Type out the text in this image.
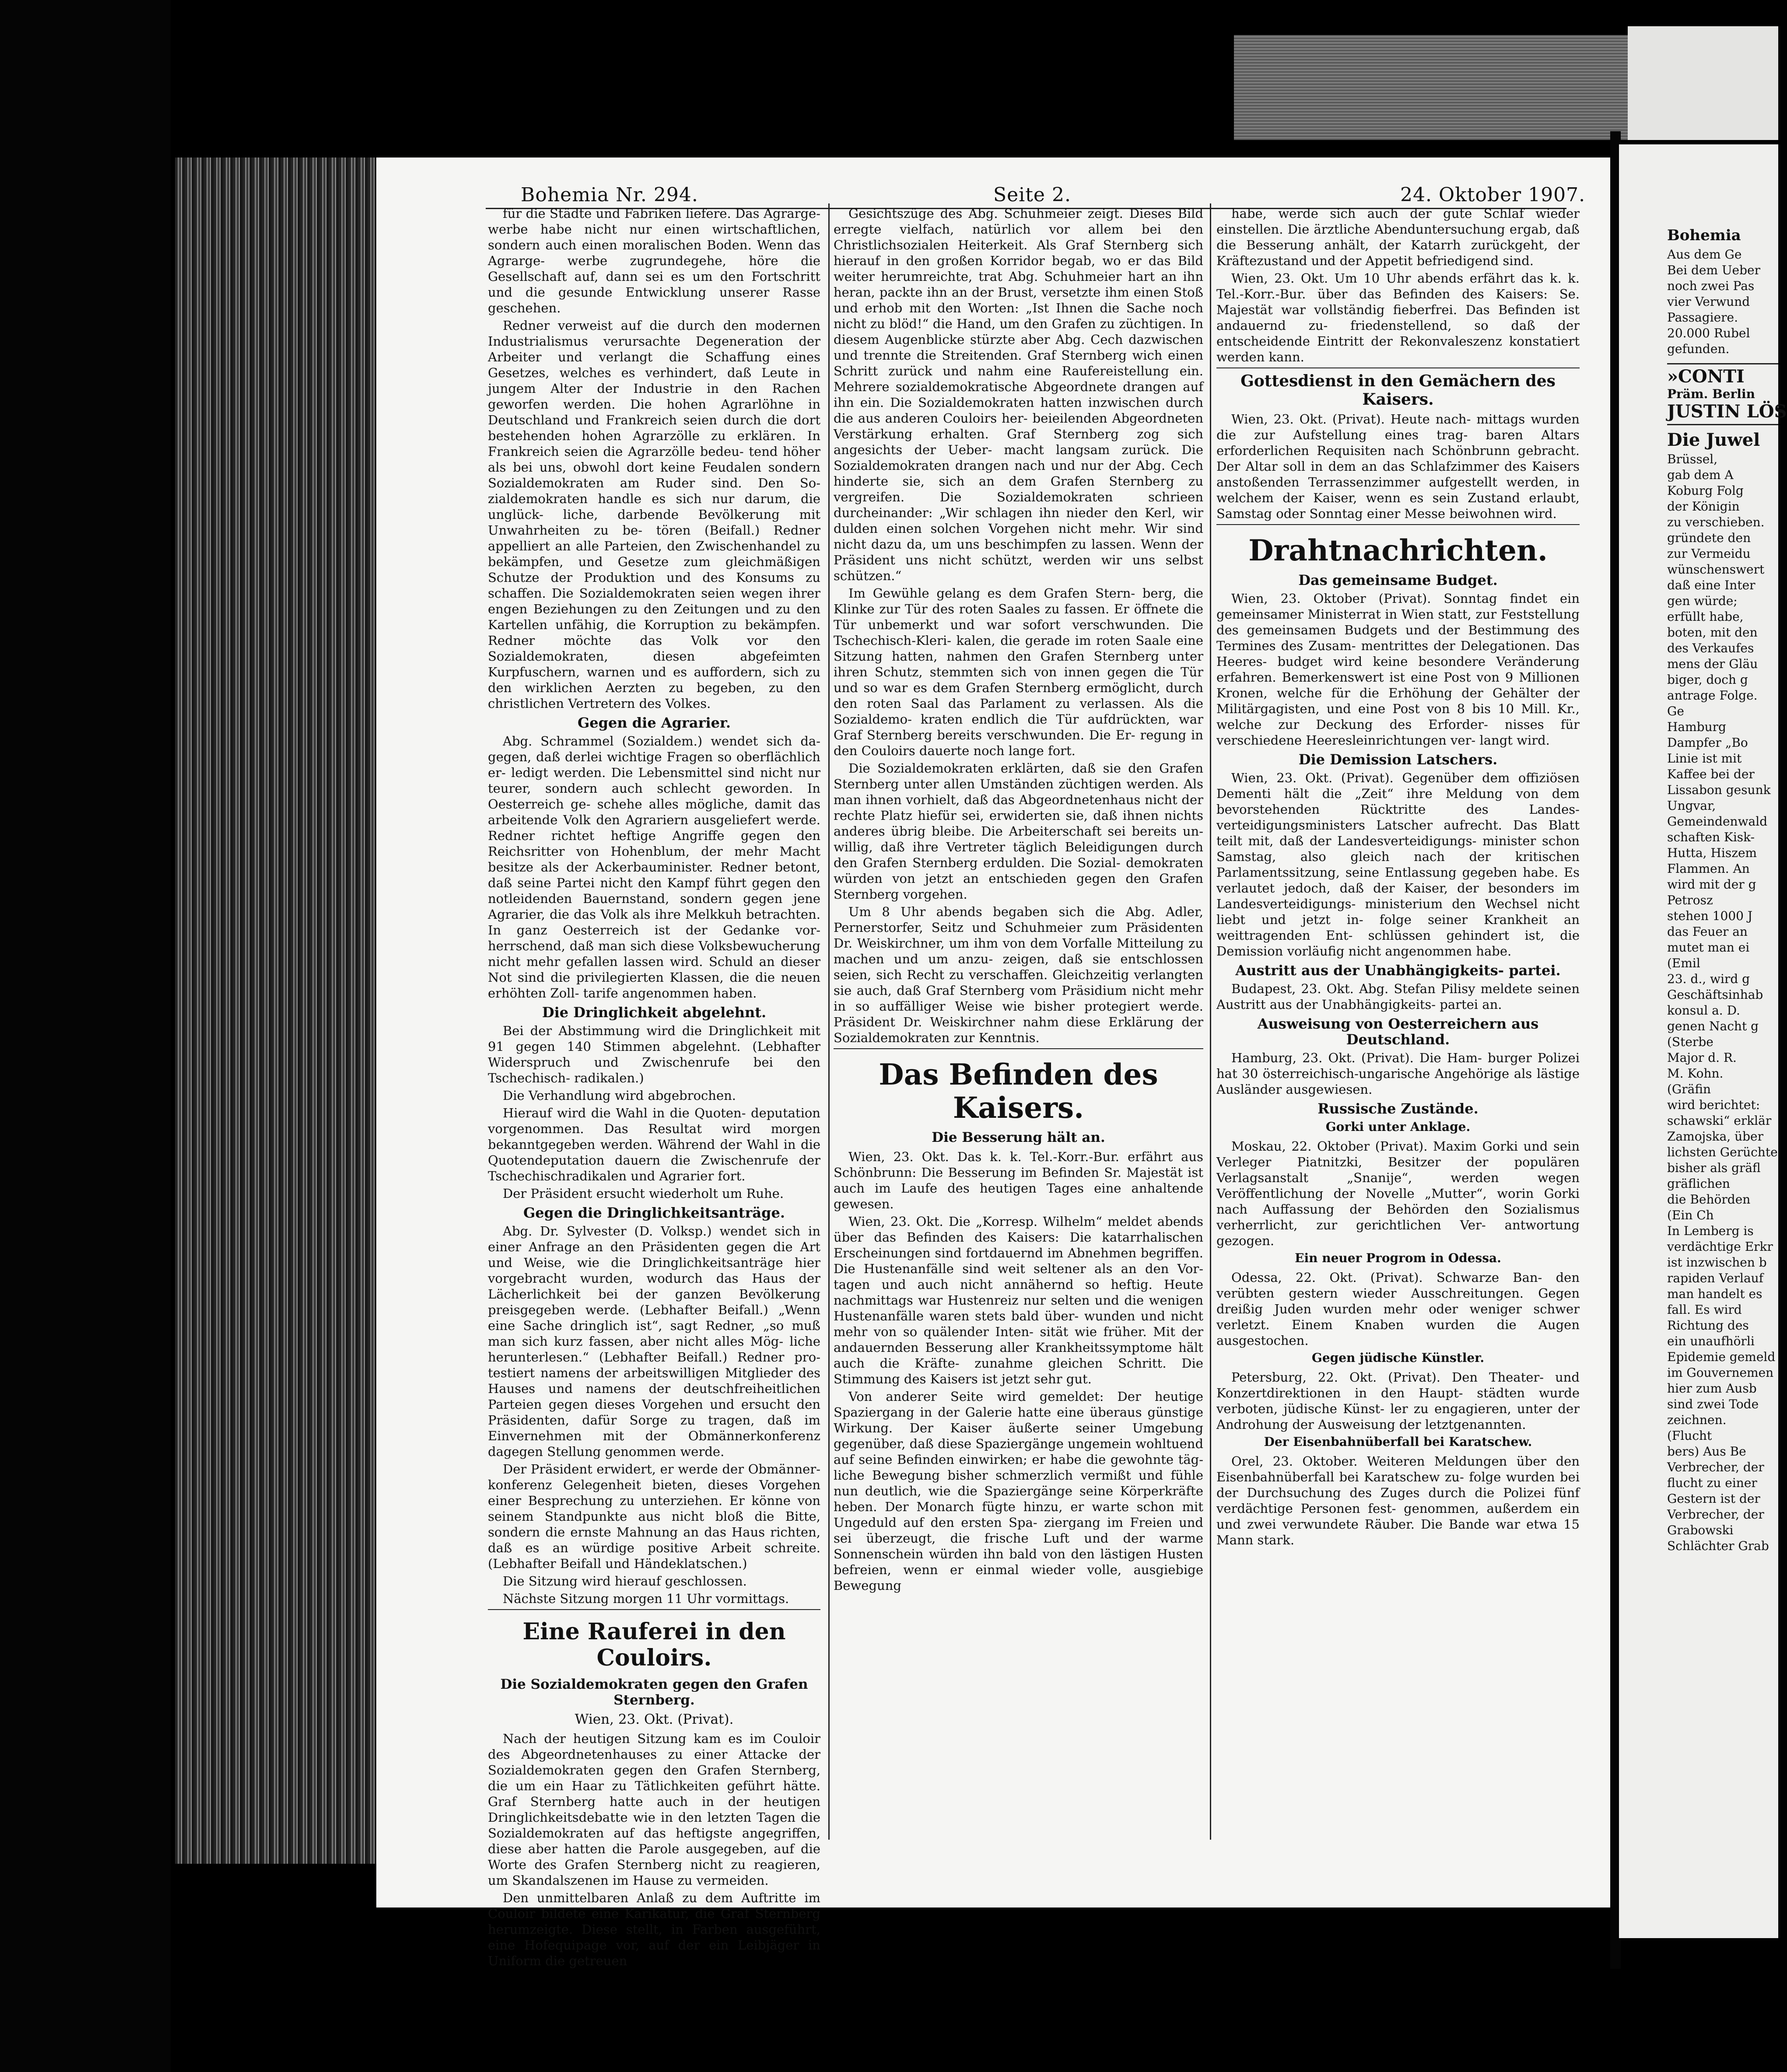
Bohemia Nr. 294.	Seite 2.	24. Oktober 1907.

für die Städte und Fabriken liefere. Das Agrarge- werbe habe nicht nur einen wirtschaftlichen, sondern auch einen moralischen Boden. Wenn das Agrarge- werbe zugrundegehe, höre die Gesellschaft auf, dann sei es um den Fortschritt und die gesunde Entwicklung unserer Rasse geschehen.

Redner verweist auf die durch den modernen Industrialismus verursachte Degeneration der Arbeiter und verlangt die Schaffung eines Gesetzes, welches es verhindert, daß Leute in jungem Alter der Industrie in den Rachen geworfen werden. Die hohen Agrarlöhne in Deutschland und Frankreich seien durch die dort bestehenden hohen Agrarzölle zu erklären. In Frankreich seien die Agrarzölle bedeu- tend höher als bei uns, obwohl dort keine Feudalen sondern Sozialdemokraten am Ruder sind. Den So- zialdemokraten handle es sich nur darum, die unglück- liche, darbende Bevölkerung mit Unwahrheiten zu be- tören (Beifall.) Redner appelliert an alle Parteien, den Zwischenhandel zu bekämpfen, und Gesetze zum gleichmäßigen Schutze der Produktion und des Konsums zu schaffen. Die Sozialdemokraten seien wegen ihrer engen Beziehungen zu den Zeitungen und zu den Kartellen unfähig, die Korruption zu bekämpfen. Redner möchte das Volk vor den Sozialdemokraten, diesen abgefeimten Kurpfuschern, warnen und es auffordern, sich zu den wirklichen Aerzten zu begeben, zu den christlichen Vertretern des Volkes.

Gegen die Agrarier.

Abg. Schrammel (Sozialdem.) wendet sich da- gegen, daß derlei wichtige Fragen so oberflächlich er- ledigt werden. Die Lebensmittel sind nicht nur teurer, sondern auch schlecht geworden. In Oesterreich ge- schehe alles mögliche, damit das arbeitende Volk den Agrariern ausgeliefert werde. Redner richtet heftige Angriffe gegen den Reichsritter von Hohenblum, der mehr Macht besitze als der Ackerbauminister. Redner betont, daß seine Partei nicht den Kampf führt gegen den notleidenden Bauernstand, sondern gegen jene Agrarier, die das Volk als ihre Melkkuh betrachten. In ganz Oesterreich ist der Gedanke vor- herrschend, daß man sich diese Volksbewucherung nicht mehr gefallen lassen wird. Schuld an dieser Not sind die privilegierten Klassen, die die neuen erhöhten Zoll- tarife angenommen haben.

Die Dringlichkeit abgelehnt.

Bei der Abstimmung wird die Dringlichkeit mit 91 gegen 140 Stimmen abgelehnt. (Lebhafter Widerspruch und Zwischenrufe bei den Tschechisch- radikalen.)

Die Verhandlung wird abgebrochen.

Hierauf wird die Wahl in die Quoten- deputation vorgenommen. Das Resultat wird morgen bekanntgegeben werden. Während der Wahl in die Quotendeputation dauern die Zwischenrufe der Tschechischradikalen und Agrarier fort.

Der Präsident ersucht wiederholt um Ruhe.

Gegen die Dringlichkeitsanträge.

Abg. Dr. Sylvester (D. Volksp.) wendet sich in einer Anfrage an den Präsidenten gegen die Art und Weise, wie die Dringlichkeitsanträge hier vorgebracht wurden, wodurch das Haus der Lächerlichkeit bei der ganzen Bevölkerung preisgegeben werde. (Lebhafter Beifall.) „Wenn eine Sache dringlich ist“, sagt Redner, „so muß man sich kurz fassen, aber nicht alles Mög- liche herunterlesen.“ (Lebhafter Beifall.) Redner pro- testiert namens der arbeitswilligen Mitglieder des Hauses und namens der deutschfreiheitlichen Parteien gegen dieses Vorgehen und ersucht den Präsidenten, dafür Sorge zu tragen, daß im Einvernehmen mit der Obmännerkonferenz dagegen Stellung genommen werde.

Der Präsident erwidert, er werde der Obmänner- konferenz Gelegenheit bieten, dieses Vorgehen einer Besprechung zu unterziehen. Er könne von seinem Standpunkte aus nicht bloß die Bitte, sondern die ernste Mahnung an das Haus richten, daß es an würdige positive Arbeit schreite. (Lebhafter Beifall und Händeklatschen.)

Die Sitzung wird hierauf geschlossen.

Nächste Sitzung morgen 11 Uhr vormittags.

Eine Rauferei in den Couloirs.
Die Sozialdemokraten gegen den Grafen Sternberg.
Wien, 23. Okt. (Privat).

Nach der heutigen Sitzung kam es im Couloir des Abgeordnetenhauses zu einer Attacke der Sozialdemokraten gegen den Grafen Sternberg, die um ein Haar zu Tätlichkeiten geführt hätte. Graf Sternberg hatte auch in der heutigen Dringlichkeitsdebatte wie in den letzten Tagen die Sozialdemokraten auf das heftigste angegriffen, diese aber hatten die Parole ausgegeben, auf die Worte des Grafen Sternberg nicht zu reagieren, um Skandalszenen im Hause zu vermeiden.

Den unmittelbaren Anlaß zu dem Auftritte im Couloir bildete eine Karikatur, die Graf Sternberg herumzeigte. Diese stellt, in Farben ausgeführt, eine Hofequipage vor, auf der ein Leibjäger in Uniform die getreuen

Gesichtszüge des Abg. Schuhmeier zeigt. Dieses Bild erregte vielfach, natürlich vor allem bei den Christlichsozialen Heiterkeit. Als Graf Sternberg sich hierauf in den großen Korridor begab, wo er das Bild weiter herumreichte, trat Abg. Schuhmeier hart an ihn heran, packte ihn an der Brust, versetzte ihm einen Stoß und erhob mit den Worten: „Ist Ihnen die Sache noch nicht zu blöd!“ die Hand, um den Grafen zu züchtigen. In diesem Augenblicke stürzte aber Abg. Cech dazwischen und trennte die Streitenden. Graf Sternberg wich einen Schritt zurück und nahm eine Raufereistellung ein. Mehrere sozialdemokratische Abgeordnete drangen auf ihn ein. Die Sozialdemokraten hatten inzwischen durch die aus anderen Couloirs her- beieilenden Abgeordneten Verstärkung erhalten. Graf Sternberg zog sich angesichts der Ueber- macht langsam zurück. Die Sozialdemokraten drangen nach und nur der Abg. Cech hinderte sie, sich an dem Grafen Sternberg zu vergreifen. Die Sozialdemokraten schrieen durcheinander: „Wir schlagen ihn nieder den Kerl, wir dulden einen solchen Vorgehen nicht mehr. Wir sind nicht dazu da, um uns beschimpfen zu lassen. Wenn der Präsident uns nicht schützt, werden wir uns selbst schützen.“

Im Gewühle gelang es dem Grafen Stern- berg, die Klinke zur Tür des roten Saales zu fassen. Er öffnete die Tür unbemerkt und war sofort verschwunden. Die Tschechisch-Kleri- kalen, die gerade im roten Saale eine Sitzung hatten, nahmen den Grafen Sternberg unter ihren Schutz, stemmten sich von innen gegen die Tür und so war es dem Grafen Sternberg ermöglicht, durch den roten Saal das Parlament zu verlassen. Als die Sozialdemo- kraten endlich die Tür aufdrückten, war Graf Sternberg bereits verschwunden. Die Er- regung in den Couloirs dauerte noch lange fort.

Die Sozialdemokraten erklärten, daß sie den Grafen Sternberg unter allen Umständen züchtigen werden. Als man ihnen vorhielt, daß das Abgeordnetenhaus nicht der rechte Platz hiefür sei, erwiderten sie, daß ihnen nichts anderes übrig bleibe. Die Arbeiterschaft sei bereits un- willig, daß ihre Vertreter täglich Beleidigungen durch den Grafen Sternberg erdulden. Die Sozial- demokraten würden von jetzt an entschieden gegen den Grafen Sternberg vorgehen.

Um 8 Uhr abends begaben sich die Abg. Adler, Pernerstorfer, Seitz und Schuhmeier zum Präsidenten Dr. Weiskirchner, um ihm von dem Vorfalle Mitteilung zu machen und um anzu- zeigen, daß sie entschlossen seien, sich Recht zu verschaffen. Gleichzeitig verlangten sie auch, daß Graf Sternberg vom Präsidium nicht mehr in so auffälliger Weise wie bisher protegiert werde. Präsident Dr. Weiskirchner nahm diese Erklärung der Sozialdemokraten zur Kenntnis.

Das Befinden des Kaisers.
Die Besserung hält an.

Wien, 23. Okt. Das k. k. Tel.-Korr.-Bur. erfährt aus Schönbrunn: Die Besserung im Befinden Sr. Majestät ist auch im Laufe des heutigen Tages eine anhaltende gewesen.

Wien, 23. Okt. Die „Korresp. Wilhelm“ meldet abends über das Befinden des Kaisers: Die katarrhalischen Erscheinungen sind fortdauernd im Abnehmen begriffen. Die Hustenanfälle sind weit seltener als an den Vor- tagen und auch nicht annähernd so heftig. Heute nachmittags war Hustenreiz nur selten und die wenigen Hustenanfälle waren stets bald über- wunden und nicht mehr von so quälender Inten- sität wie früher. Mit der andauernden Besserung aller Krankheitssymptome hält auch die Kräfte- zunahme gleichen Schritt. Die Stimmung des Kaisers ist jetzt sehr gut.

Von anderer Seite wird gemeldet: Der heutige Spaziergang in der Galerie hatte eine überaus günstige Wirkung. Der Kaiser äußerte seiner Umgebung gegenüber, daß diese Spaziergänge ungemein wohltuend auf seine Befinden einwirken; er habe die gewohnte täg- liche Bewegung bisher schmerzlich vermißt und fühle nun deutlich, wie die Spaziergänge seine Körperkräfte heben. Der Monarch fügte hinzu, er warte schon mit Ungeduld auf den ersten Spa- ziergang im Freien und sei überzeugt, die frische Luft und der warme Sonnenschein würden ihn bald von den lästigen Husten befreien, wenn er einmal wieder volle, ausgiebige Bewegung

habe, werde sich auch der gute Schlaf wieder einstellen. Die ärztliche Abenduntersuchung ergab, daß die Besserung anhält, der Katarrh zurückgeht, der Kräftezustand und der Appetit befriedigend sind.

Wien, 23. Okt. Um 10 Uhr abends erfährt das k. k. Tel.-Korr.-Bur. über das Befinden des Kaisers: Se. Majestät war vollständig fieberfrei. Das Befinden ist andauernd zu- friedenstellend, so daß der entscheidende Eintritt der Rekonvaleszenz konstatiert werden kann.

Gottesdienst in den Gemächern des Kaisers.

Wien, 23. Okt. (Privat). Heute nach- mittags wurden die zur Aufstellung eines trag- baren Altars erforderlichen Requisiten nach Schönbrunn gebracht. Der Altar soll in dem an das Schlafzimmer des Kaisers anstoßenden Terrassenzimmer aufgestellt werden, in welchem der Kaiser, wenn es sein Zustand erlaubt, Samstag oder Sonntag einer Messe beiwohnen wird.

Drahtnachrichten.
Das gemeinsame Budget.

Wien, 23. Oktober (Privat). Sonntag findet ein gemeinsamer Ministerrat in Wien statt, zur Feststellung des gemeinsamen Budgets und der Bestimmung des Termines des Zusam- mentrittes der Delegationen. Das Heeres- budget wird keine besondere Veränderung erfahren. Bemerkenswert ist eine Post von 9 Millionen Kronen, welche für die Erhöhung der Gehälter der Militärgagisten, und eine Post von 8 bis 10 Mill. Kr., welche zur Deckung des Erforder- nisses für verschiedene Heeresleinrichtungen ver- langt wird.

Die Demission Latschers.

Wien, 23. Okt. (Privat). Gegenüber dem offiziösen Dementi hält die „Zeit“ ihre Meldung von dem bevorstehenden Rücktritte des Landes- verteidigungsministers Latscher aufrecht. Das Blatt teilt mit, daß der Landesverteidigungs- minister schon Samstag, also gleich nach der kritischen Parlamentssitzung, seine Entlassung gegeben habe. Es verlautet jedoch, daß der Kaiser, der besonders im Landesverteidigungs- ministerium den Wechsel nicht liebt und jetzt in- folge seiner Krankheit an weittragenden Ent- schlüssen gehindert ist, die Demission vorläufig nicht angenommen habe.

Austritt aus der Unabhängigkeits- partei.

Budapest, 23. Okt. Abg. Stefan Pilisy meldete seinen Austritt aus der Unabhängigkeits- partei an.

Ausweisung von Oesterreichern aus Deutschland.

Hamburg, 23. Okt. (Privat). Die Ham- burger Polizei hat 30 österreichisch-ungarische Angehörige als lästige Ausländer ausgewiesen.

Russische Zustände.
Gorki unter Anklage.

Moskau, 22. Oktober (Privat). Maxim Gorki und sein Verleger Piatnitzki, Besitzer der populären Verlagsanstalt „Snanije“, werden wegen Veröffentlichung der Novelle „Mutter“, worin Gorki nach Auffassung der Behörden den Sozialismus verherrlicht, zur gerichtlichen Ver- antwortung gezogen.

Ein neuer Progrom in Odessa.

Odessa, 22. Okt. (Privat). Schwarze Ban- den verübten gestern wieder Ausschreitungen. Gegen dreißig Juden wurden mehr oder weniger schwer verletzt. Einem Knaben wurden die Augen ausgestochen.

Gegen jüdische Künstler.

Petersburg, 22. Okt. (Privat). Den Theater- und Konzertdirektionen in den Haupt- städten wurde verboten, jüdische Künst- ler zu engagieren, unter der Androhung der Ausweisung der letztgenannten.

Der Eisenbahnüberfall bei Karatschew.

Orel, 23. Oktober. Weiteren Meldungen über den Eisenbahnüberfall bei Karatschew zu- folge wurden bei der Durchsuchung des Zuges durch die Polizei fünf verdächtige Personen fest- genommen, außerdem ein und zwei verwundete Räuber. Die Bande war etwa 15 Mann stark.

Bohemia

Aus dem Ge

Bei dem Ueber

noch zwei Pas

vier Verwund

Passagiere.

20.000 Rubel

gefunden.

»CONTI

Präm. Berlin

JUSTIN LÖS

Die Juwel

Brüssel,

gab dem A

Koburg Folg

der Königin

zu verschieben.

gründete den

zur Vermeidu

wünschenswert

daß eine Inter

gen würde;

erfüllt habe,

boten, mit den

des Verkaufes

mens der Gläu

biger, doch g

antrage Folge.

Ge

Hamburg

Dampfer „Bo

Linie ist mit

Kaffee bei der

Lissabon gesunk

Ungvar,

Gemeindenwald

schaften Kisk-

Hutta, Hiszem

Flammen. An

wird mit der g

Petrosz

stehen 1000 J

das Feuer an

mutet man ei

(Emil

23. d., wird g

Geschäftsinhab

konsul a. D.

genen Nacht g

(Sterbe

Major d. R.

M. Kohn.

(Gräfin

wird berichtet:

schawski“ erklär

Zamojska, über

lichsten Gerüchte

bisher als gräfl

gräflichen

die Behörden

(Ein Ch

In Lemberg is

verdächtige Erkr

ist inzwischen b

rapiden Verlauf

man handelt es

fall. Es wird

Richtung des

ein unaufhörli

Epidemie gemeld

im Gouvernemen

hier zum Ausb

sind zwei Tode

zeichnen.

(Flucht

bers) Aus Be

Verbrecher, der

flucht zu einer

Gestern ist der

Verbrecher, der

Grabowski

Schlächter Grab
